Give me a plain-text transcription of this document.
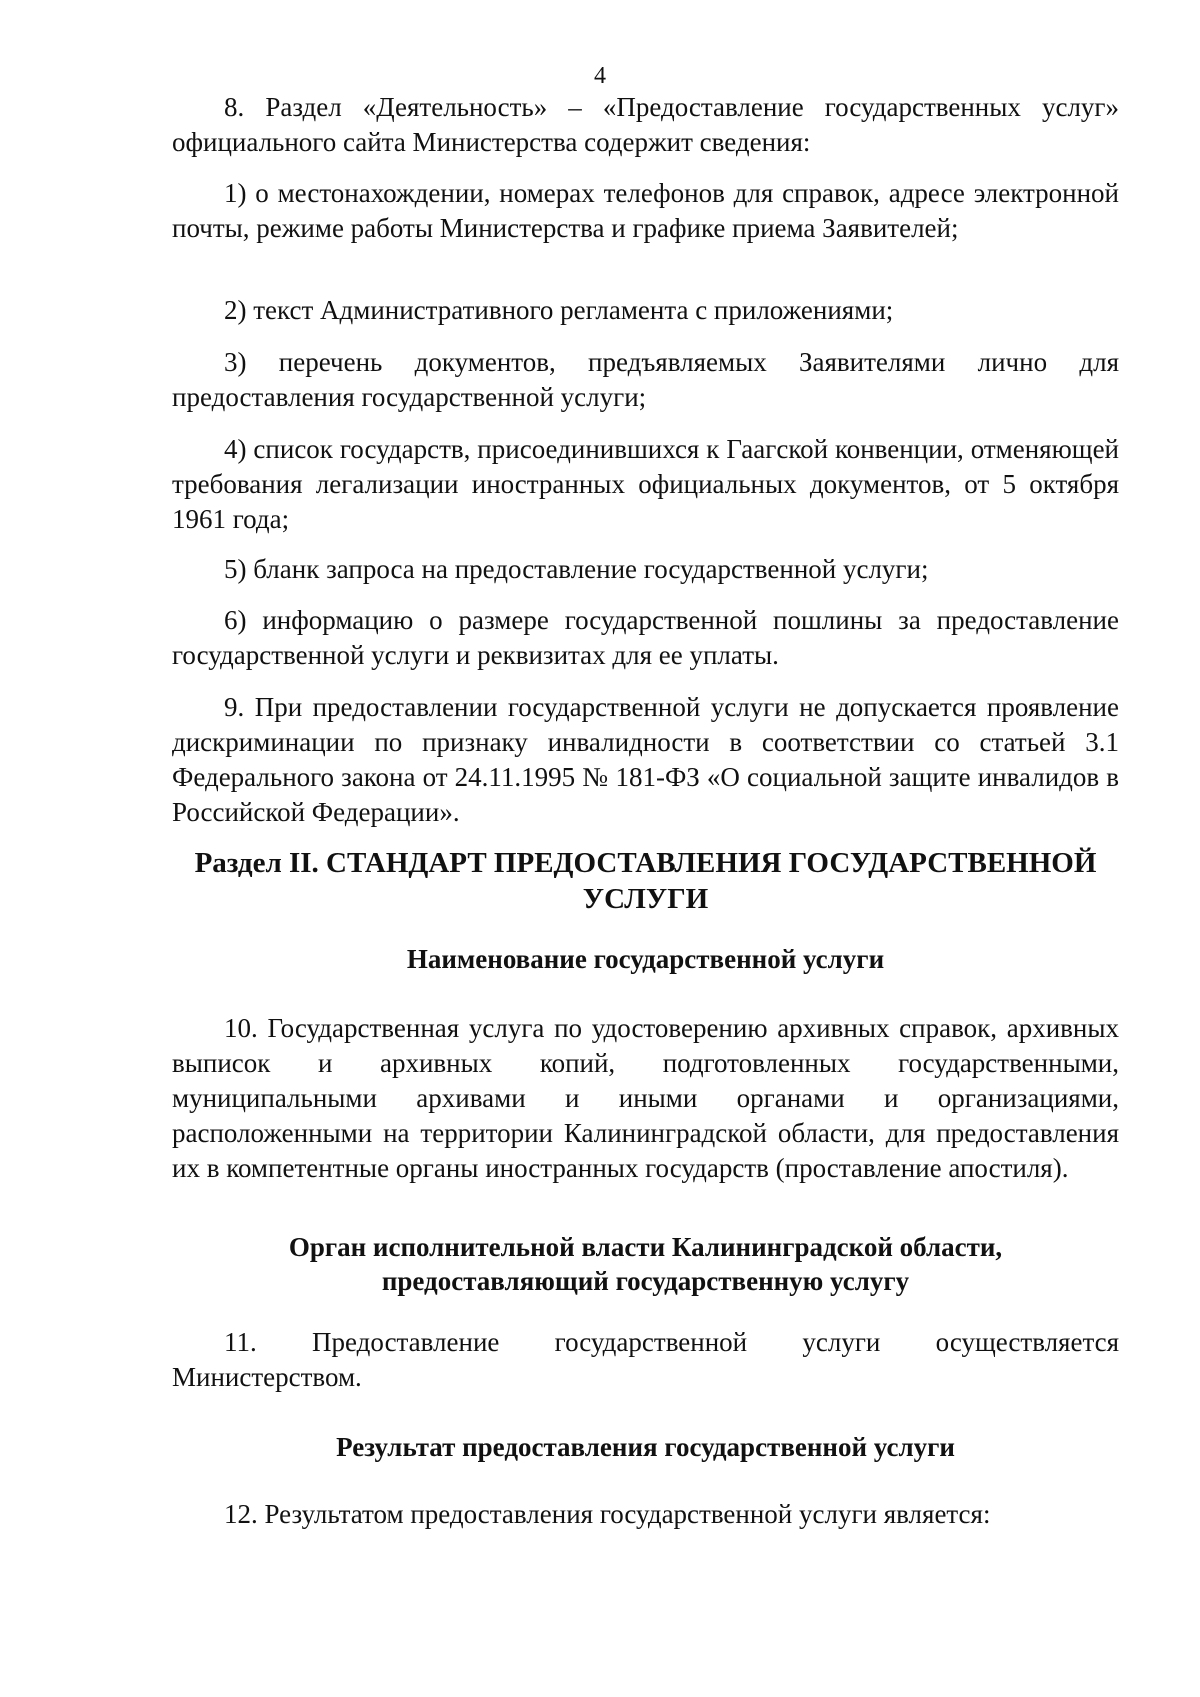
4

8. Раздел «Деятельность» – «Предоставление государственных услуг» официального сайта Министерства содержит сведения:

1) о местонахождении, номерах телефонов для справок, адресе электронной почты, режиме работы Министерства и графике приема Заявителей;

2) текст Административного регламента с приложениями;

3) перечень документов, предъявляемых Заявителями лично для предоставления государственной услуги;

4) список государств, присоединившихся к Гаагской конвенции, отменяющей требования легализации иностранных официальных документов, от 5 октября 1961 года;

5) бланк запроса на предоставление государственной услуги;

6) информацию о размере государственной пошлины за предоставление государственной услуги и реквизитах для ее уплаты.

9. При предоставлении государственной услуги не допускается проявление дискриминации по признаку инвалидности в соответствии со статьей 3.1 Федерального закона от 24.11.1995 № 181-ФЗ «О социальной защите инвалидов в Российской Федерации».

Раздел II. СТАНДАРТ ПРЕДОСТАВЛЕНИЯ ГОСУДАРСТВЕННОЙ
УСЛУГИ
Наименование государственной услуги

10. Государственная услуга по удостоверению архивных справок, архивных выписок и архивных копий, подготовленных государственными, муниципальными архивами и иными органами и организациями, расположенными на территории Калининградской области, для предоставления их в компетентные органы иностранных государств (проставление апостиля).

Орган исполнительной власти Калининградской области,
предоставляющий государственную услугу

11. Предоставление государственной услуги осуществляется Министерством.

Результат предоставления государственной услуги

12. Результатом предоставления государственной услуги является:
